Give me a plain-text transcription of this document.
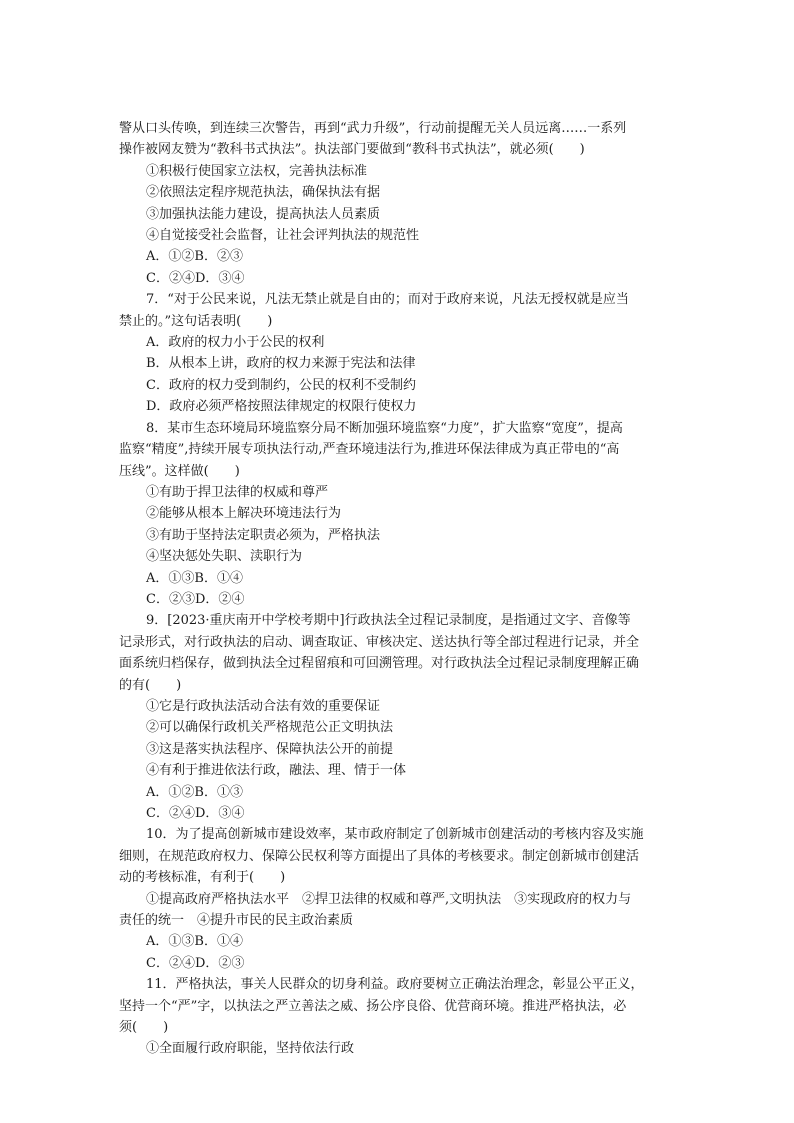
警从口头传唤，到连续三次警告，再到“武力升级”，行动前提醒无关人员远离……一系列

操作被网友赞为“教科书式执法”。执法部门要做到“教科书式执法”，就必须(　　)

①积极行使国家立法权，完善执法标准

②依照法定程序规范执法，确保执法有据

③加强执法能力建设，提高执法人员素质

④自觉接受社会监督，让社会评判执法的规范性

A．①②B．②③

C．②④D．③④

7．“对于公民来说，凡法无禁止就是自由的；而对于政府来说，凡法无授权就是应当

禁止的。”这句话表明(　　)

A．政府的权力小于公民的权利

B．从根本上讲，政府的权力来源于宪法和法律

C．政府的权力受到制约，公民的权利不受制约

D．政府必须严格按照法律规定的权限行使权力

8．某市生态环境局环境监察分局不断加强环境监察“力度”，扩大监察“宽度”，提高

监察“精度”,持续开展专项执法行动,严查环境违法行为,推进环保法律成为真正带电的“高

压线”。这样做(　　)

①有助于捍卫法律的权威和尊严

②能够从根本上解决环境违法行为

③有助于坚持法定职责必须为，严格执法

④坚决惩处失职、渎职行为

A．①③B．①④

C．②③D．②④

9．[2023·重庆南开中学校考期中]行政执法全过程记录制度，是指通过文字、音像等

记录形式，对行政执法的启动、调查取证、审核决定、送达执行等全部过程进行记录，并全

面系统归档保存，做到执法全过程留痕和可回溯管理。对行政执法全过程记录制度理解正确

的有(　　)

①它是行政执法活动合法有效的重要保证

②可以确保行政机关严格规范公正文明执法

③这是落实执法程序、保障执法公开的前提

④有利于推进依法行政，融法、理、情于一体

A．①②B．①③

C．②④D．③④

10．为了提高创新城市建设效率，某市政府制定了创新城市创建活动的考核内容及实施

细则，在规范政府权力、保障公民权利等方面提出了具体的考核要求。制定创新城市创建活

动的考核标准，有利于(　　)

①提高政府严格执法水平　②捍卫法律的权威和尊严,文明执法　③实现政府的权力与

责任的统一　④提升市民的民主政治素质

A．①③B．①④

C．②④D．②③

11．严格执法，事关人民群众的切身利益。政府要树立正确法治理念，彰显公平正义，

坚持一个“严”字，以执法之严立善法之威、扬公序良俗、优营商环境。推进严格执法，必

须(　　)

①全面履行政府职能，坚持依法行政
